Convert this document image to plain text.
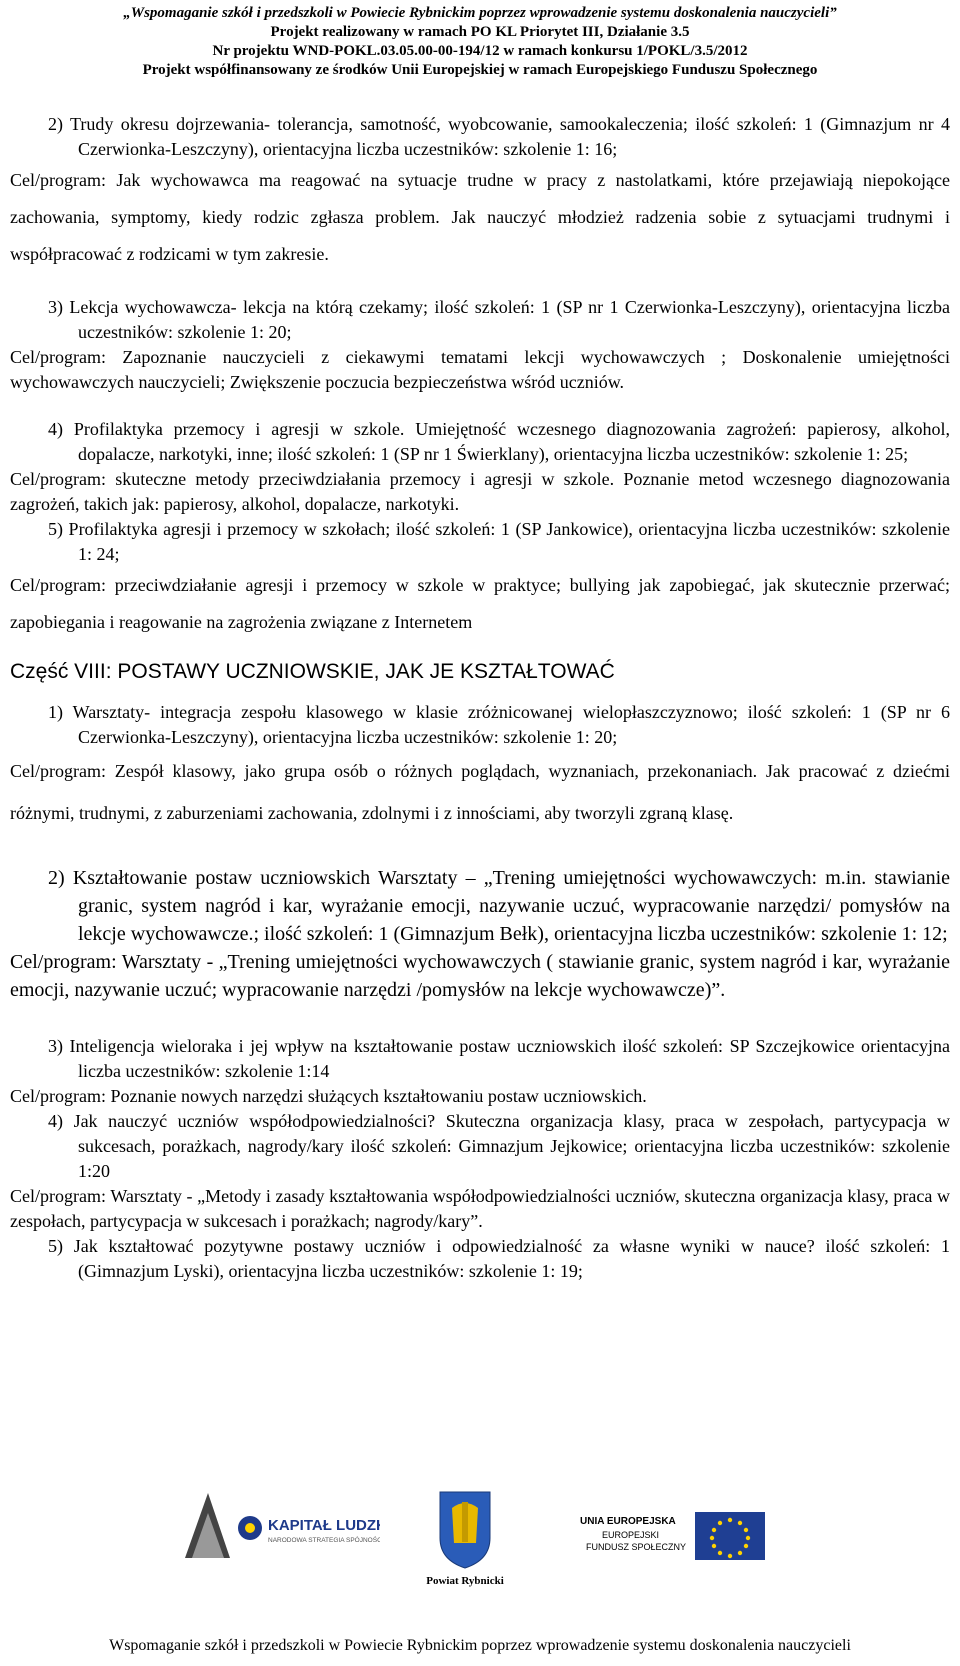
„Wspomaganie szkół i przedszkoli w Powiecie Rybnickim poprzez wprowadzenie systemu doskonalenia nauczycieli”
Projekt realizowany w ramach PO KL Priorytet III, Działanie 3.5
Nr projektu WND-POKL.03.05.00-00-194/12 w ramach konkursu 1/POKL/3.5/2012
Projekt współfinansowany ze środków Unii Europejskiej w ramach Europejskiego Funduszu Społecznego

2) Trudy okresu dojrzewania- tolerancja, samotność, wyobcowanie, samookaleczenia; ilość szkoleń: 1 (Gimnazjum nr 4 Czerwionka-Leszczyny), orientacyjna liczba uczestników: szkolenie 1: 16;

Cel/program: Jak wychowawca ma reagować na sytuacje trudne w pracy z nastolatkami, które przejawiają niepokojące zachowania, symptomy, kiedy rodzic zgłasza problem. Jak nauczyć młodzież radzenia sobie z sytuacjami trudnymi i współpracować z rodzicami w tym zakresie.

3) Lekcja wychowawcza- lekcja na którą czekamy; ilość szkoleń: 1 (SP nr 1 Czerwionka-Leszczyny), orientacyjna liczba uczestników: szkolenie 1: 20;

Cel/program: Zapoznanie nauczycieli z ciekawymi tematami lekcji wychowawczych ; Doskonalenie umiejętności wychowawczych nauczycieli; Zwiększenie poczucia bezpieczeństwa wśród uczniów.

4) Profilaktyka przemocy i agresji w szkole. Umiejętność wczesnego diagnozowania zagrożeń: papierosy, alkohol, dopalacze, narkotyki, inne; ilość szkoleń: 1 (SP nr 1 Świerklany), orientacyjna liczba uczestników: szkolenie 1: 25;

Cel/program: skuteczne metody przeciwdziałania przemocy i agresji w szkole. Poznanie metod wczesnego diagnozowania zagrożeń, takich jak: papierosy, alkohol, dopalacze, narkotyki.

5) Profilaktyka agresji i przemocy w szkołach; ilość szkoleń: 1 (SP Jankowice), orientacyjna liczba uczestników: szkolenie 1: 24;

Cel/program: przeciwdziałanie agresji i przemocy w szkole w praktyce; bullying jak zapobiegać, jak skutecznie przerwać; zapobiegania i reagowanie na zagrożenia związane z Internetem

Część VIII: POSTAWY UCZNIOWSKIE, JAK JE KSZTAŁTOWAĆ

1) Warsztaty- integracja zespołu klasowego w klasie zróżnicowanej wielopłaszczyznowo; ilość szkoleń: 1 (SP nr 6 Czerwionka-Leszczyny), orientacyjna liczba uczestników: szkolenie 1: 20;

Cel/program: Zespół klasowy, jako grupa osób o różnych poglądach, wyznaniach, przekonaniach. Jak pracować z dziećmi różnymi, trudnymi, z zaburzeniami zachowania, zdolnymi i z innościami, aby tworzyli zgraną klasę.

2) Kształtowanie postaw uczniowskich Warsztaty – „Trening umiejętności wychowawczych: m.in. stawianie granic, system nagród i kar, wyrażanie emocji, nazywanie uczuć, wypracowanie narzędzi/ pomysłów na lekcje wychowawcze.; ilość szkoleń: 1 (Gimnazjum Bełk), orientacyjna liczba uczestników: szkolenie 1: 12;

Cel/program: Warsztaty - „Trening umiejętności wychowawczych ( stawianie granic, system nagród i kar, wyrażanie emocji, nazywanie uczuć; wypracowanie narzędzi /pomysłów na lekcje wychowawcze)”.

3) Inteligencja wieloraka i jej wpływ na kształtowanie postaw uczniowskich ilość szkoleń: SP Szczejkowice orientacyjna liczba uczestników: szkolenie 1:14

Cel/program: Poznanie nowych narzędzi służących kształtowaniu postaw uczniowskich.

4) Jak nauczyć uczniów współodpowiedzialności? Skuteczna organizacja klasy, praca w zespołach, partycypacja w sukcesach, porażkach, nagrody/kary ilość szkoleń: Gimnazjum Jejkowice; orientacyjna liczba uczestników: szkolenie 1:20

Cel/program: Warsztaty - „Metody i zasady kształtowania współodpowiedzialności uczniów, skuteczna organizacja klasy, praca w zespołach, partycypacja w sukcesach i porażkach; nagrody/kary”.

5) Jak kształtować pozytywne postawy uczniów i odpowiedzialność za własne wyniki w nauce? ilość szkoleń: 1 (Gimnazjum Lyski), orientacyjna liczba uczestników: szkolenie 1: 19;

KAPITAŁ LUDZKI
NARODOWA STRATEGIA SPÓJNOŚCI
Powiat Rybnicki
UNIA EUROPEJSKA
EUROPEJSKI
FUNDUSZ SPOŁECZNY
Wspomaganie szkół i przedszkoli w Powiecie Rybnickim poprzez wprowadzenie systemu doskonalenia nauczycieli
